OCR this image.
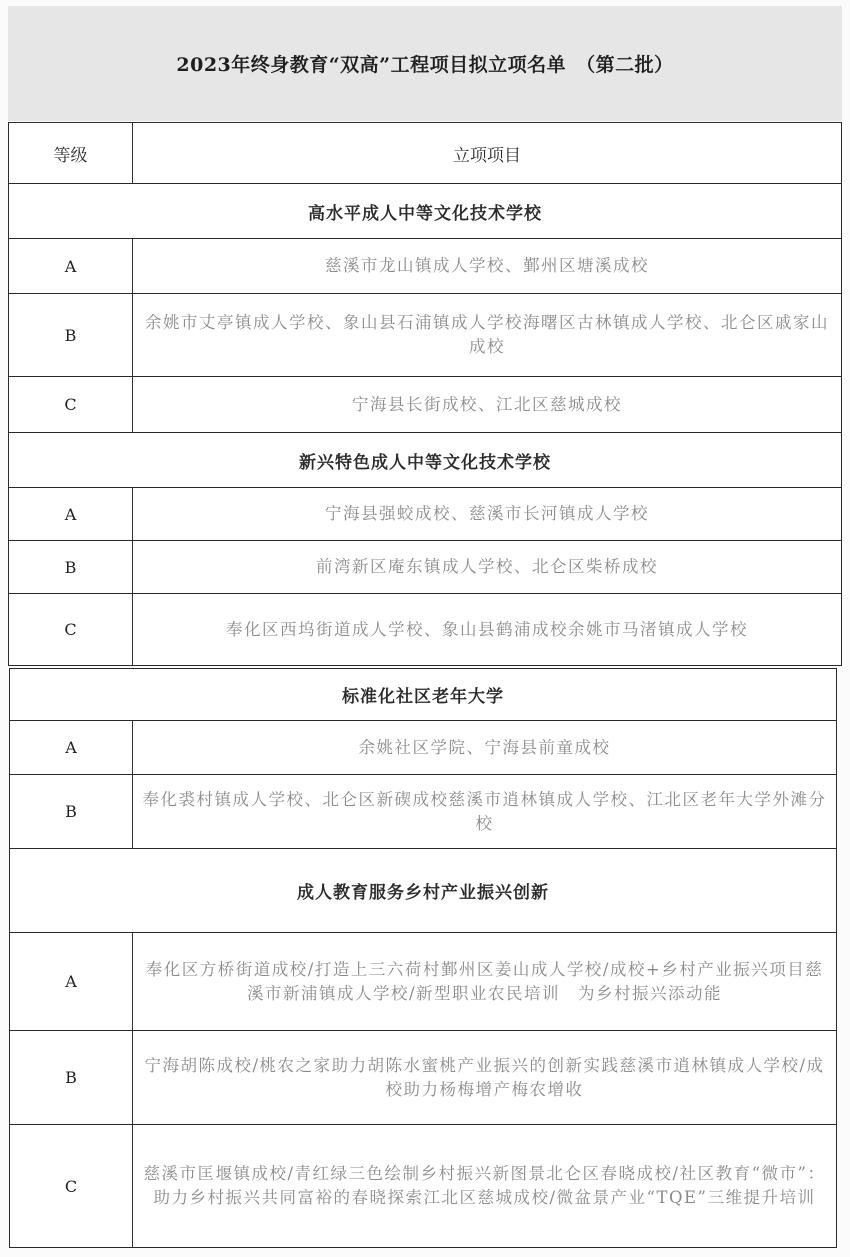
2023年终身教育“双高”工程项目拟立项名单　（第二批）
等级	立项项目
高水平成人中等文化技术学校	
A	慈溪市龙山镇成人学校、鄞州区塘溪成校
B	余姚市丈亭镇成人学校、象山县石浦镇成人学校海曙区古林镇成人学校、北仑区戚家山成校
C	宁海县长街成校、江北区慈城成校
新兴特色成人中等文化技术学校	
A	宁海县强蛟成校、慈溪市长河镇成人学校
B	前湾新区庵东镇成人学校、北仑区柴桥成校
C	奉化区西坞街道成人学校、象山县鹤浦成校余姚市马渚镇成人学校
标准化社区老年大学	
A	余姚社区学院、宁海县前童成校
B	奉化裘村镇成人学校、北仑区新碶成校慈溪市逍林镇成人学校、江北区老年大学外滩分校
成人教育服务乡村产业振兴创新	
A	奉化区方桥街道成校/打造上三六荷村鄞州区姜山成人学校/成校+乡村产业振兴项目慈溪市新浦镇成人学校/新型职业农民培训　为乡村振兴添动能
B	宁海胡陈成校/桃农之家助力胡陈水蜜桃产业振兴的创新实践慈溪市逍林镇成人学校/成校助力杨梅增产梅农增收
C	慈溪市匡堰镇成校/青红绿三色绘制乡村振兴新图景北仑区春晓成校/社区教育“微市”：助力乡村振兴共同富裕的春晓探索江北区慈城成校/微盆景产业“TQE”三维提升培训
